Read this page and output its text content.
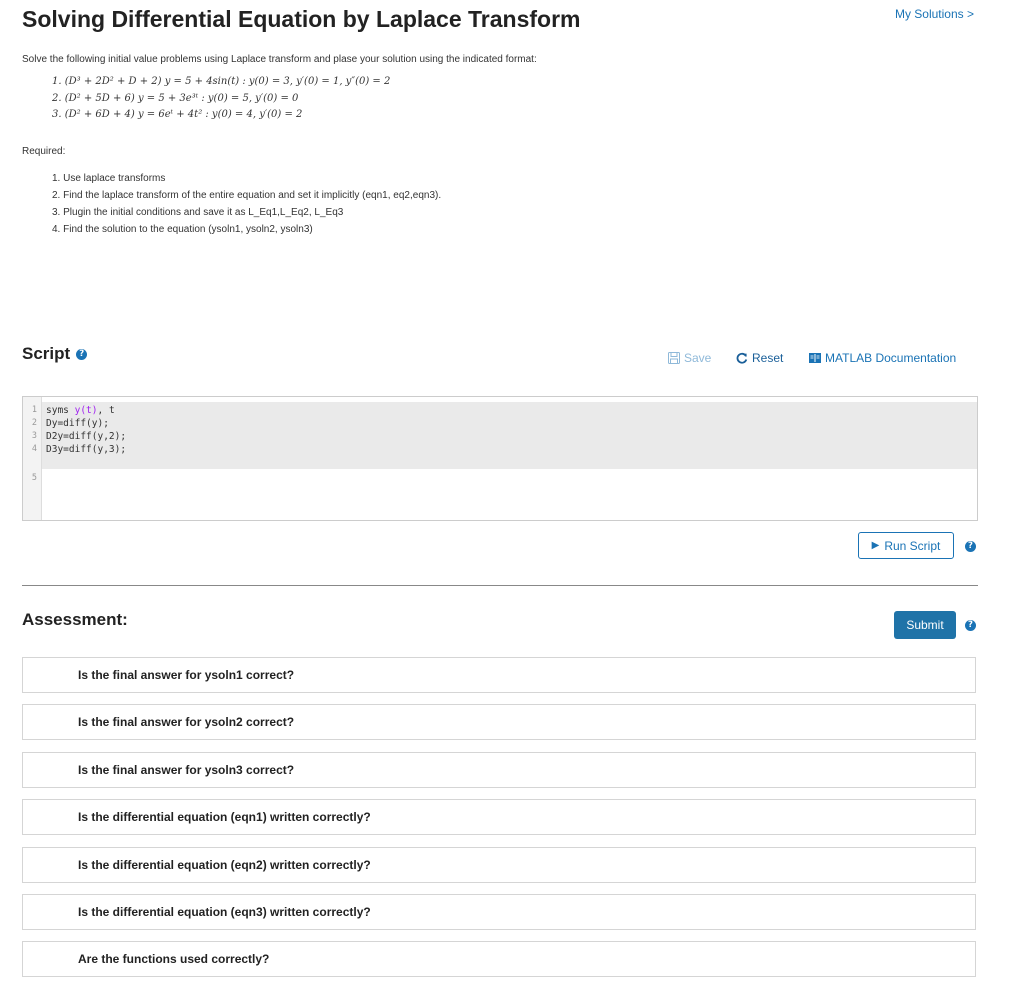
Solving Differential Equation by Laplace Transform	My Solutions >
Solve the following initial value problems using Laplace transform and plase your solution using the indicated format:
1. (D³ + 2D² + D + 2) y = 5 + 4sin(t) : y(0) = 3, y′(0) = 1, y″(0) = 2
2. (D² + 5D + 6) y = 5 + 3e³ᵗ : y(0) = 5, y′(0) = 0
3. (D² + 6D + 4) y = 6eᵗ + 4t² : y(0) = 4, y′(0) = 2
Required:
1. Use laplace transforms
2. Find the laplace transform of the entire equation and set it implicitly (eqn1, eq2,eqn3).
3. Plugin the initial conditions and save it as L_Eq1,L_Eq2, L_Eq3
4. Find the solution to the equation (ysoln1, ysoln2, ysoln3)
Script	?	Save	Reset	MATLAB Documentation
1 syms y(t), t
2 Dy=diff(y);
3 D2y=diff(y,2);
4 D3y=diff(y,3);
5
▶ Run Script	?
Assessment:	Submit	?
Is the final answer for ysoln1 correct?
Is the final answer for ysoln2 correct?
Is the final answer for ysoln3 correct?
Is the differential equation (eqn1) written correctly?
Is the differential equation (eqn2) written correctly?
Is the differential equation (eqn3) written correctly?
Are the functions used correctly?
